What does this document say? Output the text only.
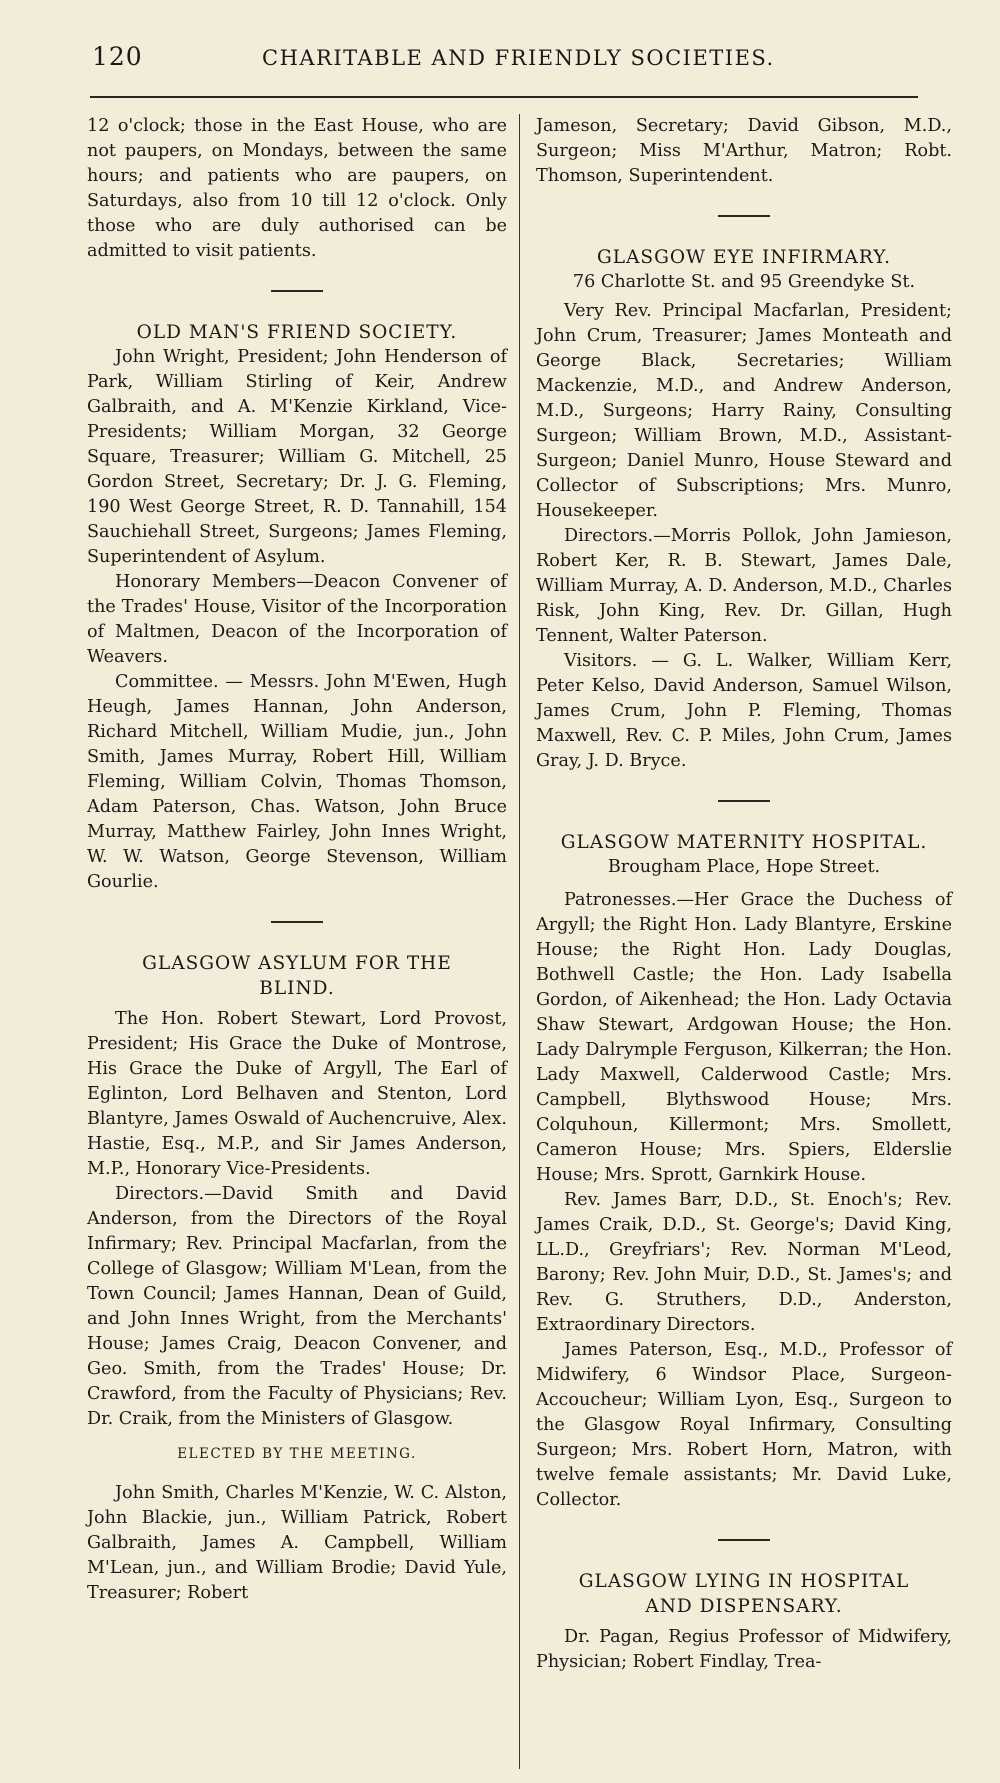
120	CHARITABLE AND FRIENDLY SOCIETIES.

12 o'clock; those in the East House, who are not paupers, on Mondays, between the same hours; and patients who are paupers, on Saturdays, also from 10 till 12 o'clock. Only those who are duly authorised can be admitted to visit patients.

OLD MAN'S FRIEND SOCIETY.

John Wright, President; John Henderson of Park, William Stirling of Keir, Andrew Galbraith, and A. M'Kenzie Kirkland, Vice-Presidents; William Morgan, 32 George Square, Treasurer; William G. Mitchell, 25 Gordon Street, Secretary; Dr. J. G. Fleming, 190 West George Street, R. D. Tannahill, 154 Sauchiehall Street, Surgeons; James Fleming, Superintendent of Asylum.

Honorary Members—Deacon Convener of the Trades' House, Visitor of the Incorporation of Maltmen, Deacon of the Incorporation of Weavers.

Committee. — Messrs. John M'Ewen, Hugh Heugh, James Hannan, John Anderson, Richard Mitchell, William Mudie, jun., John Smith, James Murray, Robert Hill, William Fleming, William Colvin, Thomas Thomson, Adam Paterson, Chas. Watson, John Bruce Murray, Matthew Fairley, John Innes Wright, W. W. Watson, George Stevenson, William Gourlie.

GLASGOW ASYLUM FOR THE BLIND.

The Hon. Robert Stewart, Lord Provost, President; His Grace the Duke of Montrose, His Grace the Duke of Argyll, The Earl of Eglinton, Lord Belhaven and Stenton, Lord Blantyre, James Oswald of Auchencruive, Alex. Hastie, Esq., M.P., and Sir James Anderson, M.P., Honorary Vice-Presidents.

Directors.—David Smith and David Anderson, from the Directors of the Royal Infirmary; Rev. Principal Macfarlan, from the College of Glasgow; William M'Lean, from the Town Council; James Hannan, Dean of Guild, and John Innes Wright, from the Merchants' House; James Craig, Deacon Convener, and Geo. Smith, from the Trades' House; Dr. Crawford, from the Faculty of Physicians; Rev. Dr. Craik, from the Ministers of Glasgow.

ELECTED BY THE MEETING.

John Smith, Charles M'Kenzie, W. C. Alston, John Blackie, jun., William Patrick, Robert Galbraith, James A. Campbell, William M'Lean, jun., and William Brodie; David Yule, Treasurer; Robert

Jameson, Secretary; David Gibson, M.D., Surgeon; Miss M'Arthur, Matron; Robt. Thomson, Superintendent.

GLASGOW EYE INFIRMARY.

76 Charlotte St. and 95 Greendyke St.

Very Rev. Principal Macfarlan, President; John Crum, Treasurer; James Monteath and George Black, Secretaries; William Mackenzie, M.D., and Andrew Anderson, M.D., Surgeons; Harry Rainy, Consulting Surgeon; William Brown, M.D., Assistant-Surgeon; Daniel Munro, House Steward and Collector of Subscriptions; Mrs. Munro, Housekeeper.

Directors.—Morris Pollok, John Jamieson, Robert Ker, R. B. Stewart, James Dale, William Murray, A. D. Anderson, M.D., Charles Risk, John King, Rev. Dr. Gillan, Hugh Tennent, Walter Paterson.

Visitors. — G. L. Walker, William Kerr, Peter Kelso, David Anderson, Samuel Wilson, James Crum, John P. Fleming, Thomas Maxwell, Rev. C. P. Miles, John Crum, James Gray, J. D. Bryce.

GLASGOW MATERNITY HOSPITAL.

Brougham Place, Hope Street.

Patronesses.—Her Grace the Duchess of Argyll; the Right Hon. Lady Blantyre, Erskine House; the Right Hon. Lady Douglas, Bothwell Castle; the Hon. Lady Isabella Gordon, of Aikenhead; the Hon. Lady Octavia Shaw Stewart, Ardgowan House; the Hon. Lady Dalrymple Ferguson, Kilkerran; the Hon. Lady Maxwell, Calderwood Castle; Mrs. Campbell, Blythswood House; Mrs. Colquhoun, Killermont; Mrs. Smollett, Cameron House; Mrs. Spiers, Elderslie House; Mrs. Sprott, Garnkirk House.

Rev. James Barr, D.D., St. Enoch's; Rev. James Craik, D.D., St. George's; David King, LL.D., Greyfriars'; Rev. Norman M'Leod, Barony; Rev. John Muir, D.D., St. James's; and Rev. G. Struthers, D.D., Anderston, Extraordinary Directors.

James Paterson, Esq., M.D., Professor of Midwifery, 6 Windsor Place, Surgeon-Accoucheur; William Lyon, Esq., Surgeon to the Glasgow Royal Infirmary, Consulting Surgeon; Mrs. Robert Horn, Matron, with twelve female assistants; Mr. David Luke, Collector.

GLASGOW LYING IN HOSPITAL AND DISPENSARY.

Dr. Pagan, Regius Professor of Midwifery, Physician; Robert Findlay, Trea-
